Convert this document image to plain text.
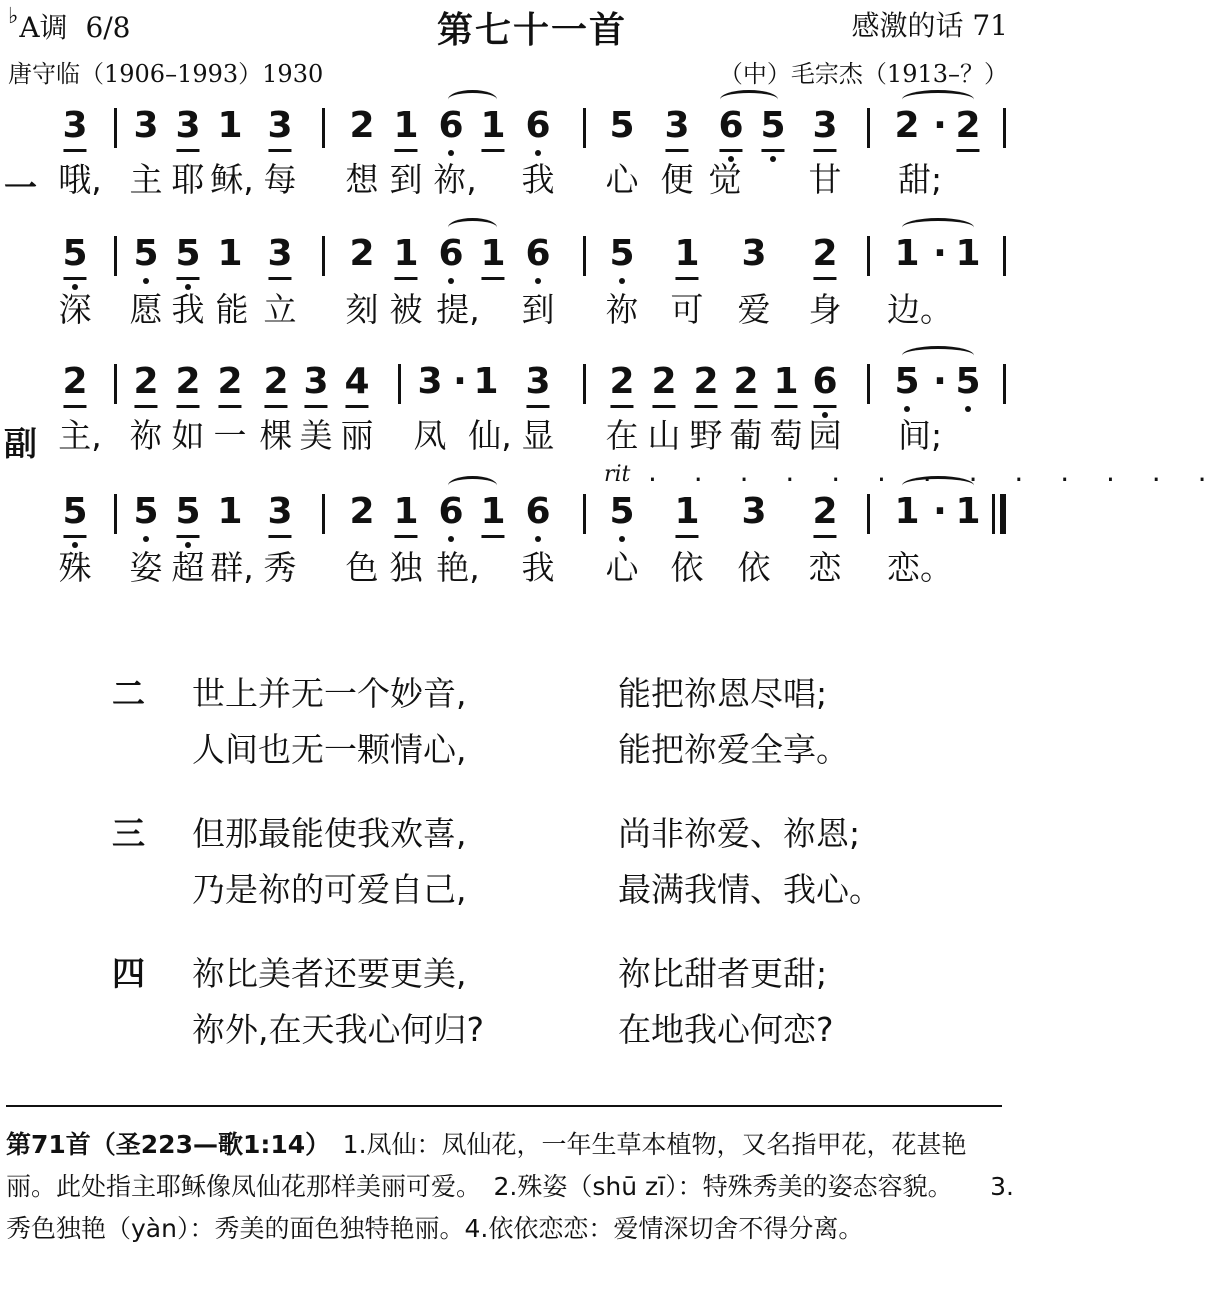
♭A调 6/8	第七十一首	感激的话 71
唐守临（1906–1993）1930	（中）毛宗杰（1913–？）
3 3 3 1 3 2 1 6 1 6 5 3 6 5 3 2 · 2
一 哦, 主 耶 稣, 每 想 到 祢, 我 心 便 觉 甘 甜;
5 5 5 1 3 2 1 6 1 6 5 1 3 2 1 · 1
深 愿 我 能 立 刻 被 提, 到 祢 可 爱 身 边。
2 2 2 2 2 3 4 3 · 1 3 2 2 2 2 1 6 5 · 5
副 主, 祢 如 一 棵 美 丽 凤 仙, 显 在 山 野 葡 萄 园 间;
5 5 5 1 3 2 1 6 1 6 5 1 3 2 1 · 1
殊 姿 超 群, 秀 色 独 艳, 我 心 依 依 恋 恋。
rit . . . . . . . . . . . . .
二 世上并无一个妙音,	能把祢恩尽唱;
人间也无一颗情心,	能把祢爱全享。
三 但那最能使我欢喜,	尚非祢爱、祢恩;
乃是祢的可爱自己,	最满我情、我心。
四 祢比美者还要更美,	祢比甜者更甜;
祢外,在天我心何归?	在地我心何恋?
第71首（圣223—歌1:14）　1.凤仙：凤仙花，一年生草本植物，又名指甲花，花甚艳丽。此处指主耶稣像凤仙花那样美丽可爱。　2.殊姿（shū zī）：特殊秀美的姿态容貌。　　3.秀色独艳（yàn）：秀美的面色独特艳丽。4.依依恋恋：爱情深切舍不得分离。
